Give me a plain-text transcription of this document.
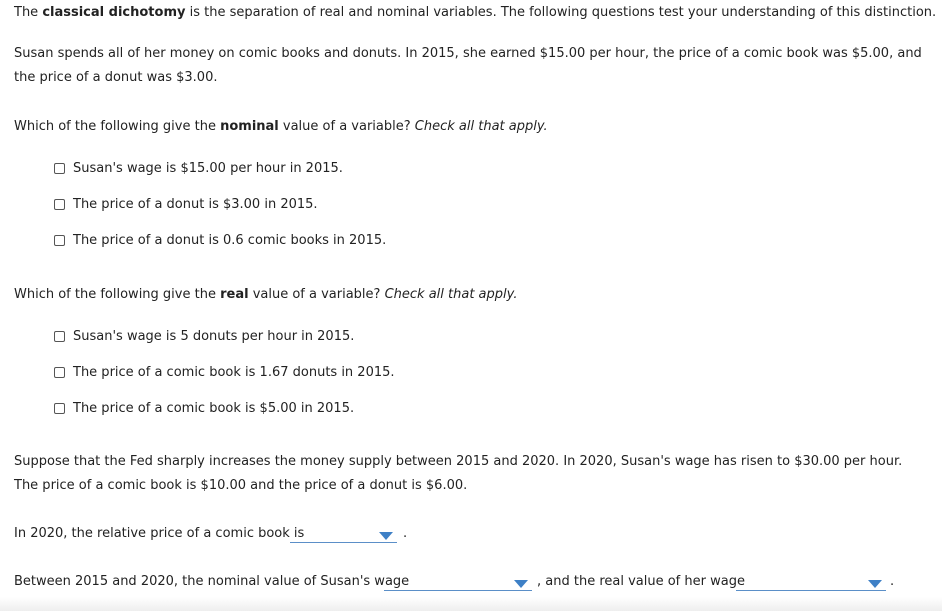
The classical dichotomy is the separation of real and nominal variables. The following questions test your understanding of this distinction.

Susan spends all of her money on comic books and donuts. In 2015, she earned $15.00 per hour, the price of a comic book was $5.00, and the price of a donut was $3.00.

Which of the following give the nominal value of a variable? Check all that apply.
Susan's wage is $15.00 per hour in 2015.
The price of a donut is $3.00 in 2015.
The price of a donut is 0.6 comic books in 2015.
Which of the following give the real value of a variable? Check all that apply.
Susan's wage is 5 donuts per hour in 2015.
The price of a comic book is 1.67 donuts in 2015.
The price of a comic book is $5.00 in 2015.

Suppose that the Fed sharply increases the money supply between 2015 and 2020. In 2020, Susan's wage has risen to $30.00 per hour. The price of a comic book is $10.00 and the price of a donut is $6.00.

In 2020, the relative price of a comic book is	.
Between 2015 and 2020, the nominal value of Susan's wage	, and the real value of her wage	.
